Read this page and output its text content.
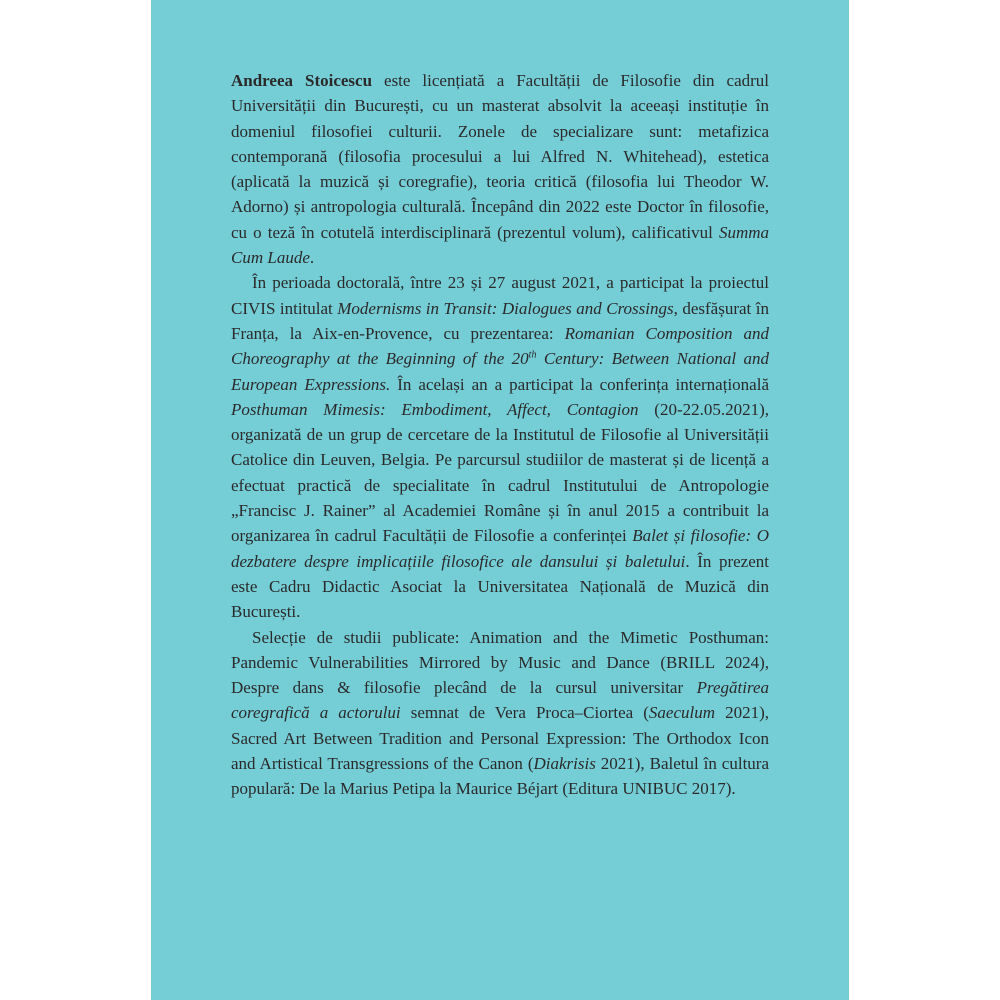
Andreea Stoicescu este licențiată a Facultății de Filosofie din cadrul Universității din București, cu un masterat absolvit la aceeași instituție în domeniul filosofiei culturii. Zonele de specializare sunt: metafizica contemporană (filosofia procesului a lui Alfred N. Whitehead), estetica (aplicată la muzică și coregrafie), teoria critică (filosofia lui Theodor W. Adorno) și antropologia culturală. Începând din 2022 este Doctor în filosofie, cu o teză în cotutelă interdisciplinară (prezentul volum), calificativul Summa Cum Laude.

În perioada doctorală, între 23 și 27 august 2021, a participat la proiectul CIVIS intitulat Modernisms in Transit: Dialogues and Crossings, desfășurat în Franța, la Aix-en-Provence, cu prezentarea: Romanian Composition and Choreography at the Beginning of the 20th Century: Between National and European Expressions. În același an a participat la conferința internațională Posthuman Mimesis: Embodiment, Affect, Contagion (20-22.05.2021), organizată de un grup de cercetare de la Institutul de Filosofie al Universității Catolice din Leuven, Belgia. Pe parcursul studiilor de masterat și de licență a efectuat practică de specialitate în cadrul Institutului de Antropologie „Francisc J. Rainer” al Academiei Române și în anul 2015 a contribuit la organizarea în cadrul Facultății de Filosofie a conferinței Balet și filosofie: O dezbatere despre implicațiile filosofice ale dansului și baletului. În prezent este Cadru Didactic Asociat la Universitatea Națională de Muzică din București.

Selecție de studii publicate: Animation and the Mimetic Posthuman: Pandemic Vulnerabilities Mirrored by Music and Dance (BRILL 2024), Despre dans & filosofie plecând de la cursul universitar Pregătirea coregrafică a actorului semnat de Vera Proca–Ciortea (Saeculum 2021), Sacred Art Between Tradition and Personal Expression: The Orthodox Icon and Artistical Transgressions of the Canon (Diakrisis 2021), Baletul în cultura populară: De la Marius Petipa la Maurice Béjart (Editura UNIBUC 2017).
